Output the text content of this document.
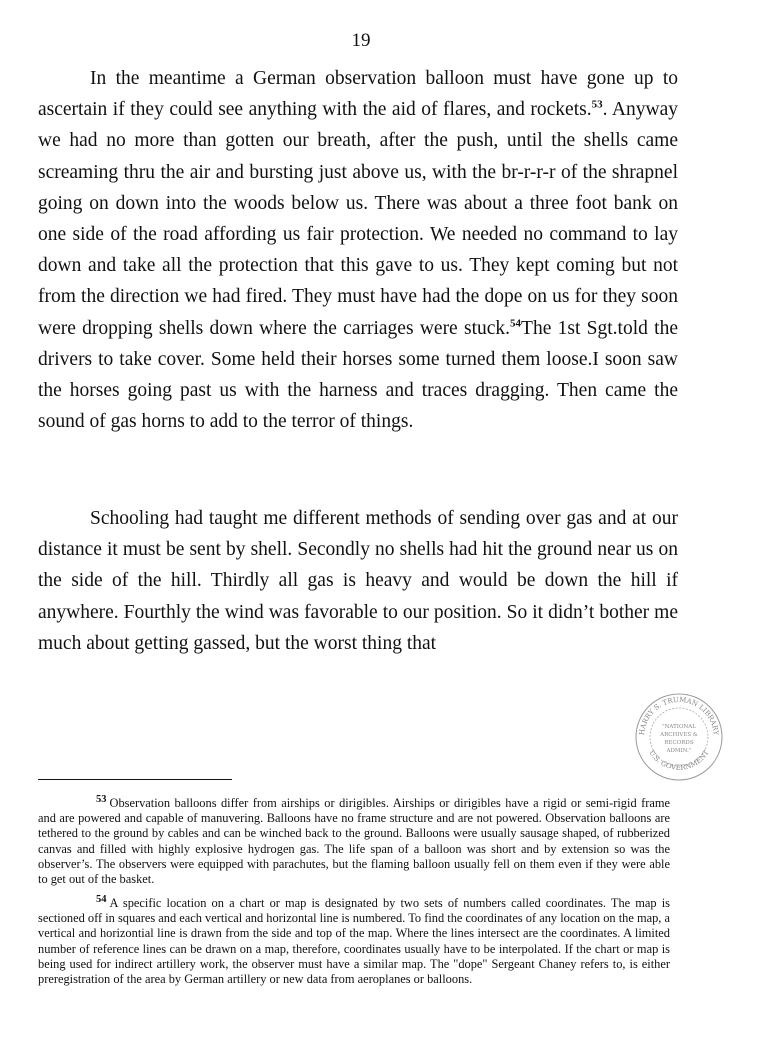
19

In the meantime a German observation balloon must have gone up to ascertain if they could see anything with the aid of flares, and rockets.$^{53}$. Anyway we had no more than gotten our breath, after the push, until the shells came screaming thru the air and bursting just above us, with the br-r-r-r of the shrapnel going on down into the woods below us. There was about a three foot bank on one side of the road affording us fair protection. We needed no command to lay down and take all the protection that this gave to us. They kept coming but not from the direction we had fired. They must have had the dope on us for they soon were dropping shells down where the carriages were stuck.$^{54}$The 1st Sgt.told the drivers to take cover. Some held their horses some turned them loose.I soon saw the horses going past us with the harness and traces dragging. Then came the sound of gas horns to add to the terror of things.

Schooling had taught me different methods of sending over gas and at our distance it must be sent by shell. Secondly no shells had hit the ground near us on the side of the hill. Thirdly all gas is heavy and would be down the hill if anywhere. Fourthly the wind was favorable to our position. So it didn’t bother me much about getting gassed, but the worst thing that

HARRY S. TRUMAN LIBRARY
U.S. GOVERNMENT
"NATIONAL
ARCHIVES &
RECORDS
ADMIN."
$^{53}$ Observation balloons differ from airships or dirigibles. Airships or dirigibles have a rigid or semi-rigid frame and are powered and capable of manuvering. Balloons have no frame structure and are not powered. Observation balloons are tethered to the ground by cables and can be winched back to the ground. Balloons were usually sausage shaped, of rubberized canvas and filled with highly explosive hydrogen gas. The life span of a balloon was short and by extension so was the observer’s. The observers were equipped with parachutes, but the flaming balloon usually fell on them even if they were able to get out of the basket.
$^{54}$ A specific location on a chart or map is designated by two sets of numbers called coordinates. The map is sectioned off in squares and each vertical and horizontal line is numbered. To find the coordinates of any location on the map, a vertical and horizontial line is drawn from the side and top of the map. Where the lines intersect are the coordinates. A limited number of reference lines can be drawn on a map, therefore, coordinates usually have to be interpolated. If the chart or map is being used for indirect artillery work, the observer must have a similar map. The "dope" Sergeant Chaney refers to, is either preregistration of the area by German artillery or new data from aeroplanes or balloons.
